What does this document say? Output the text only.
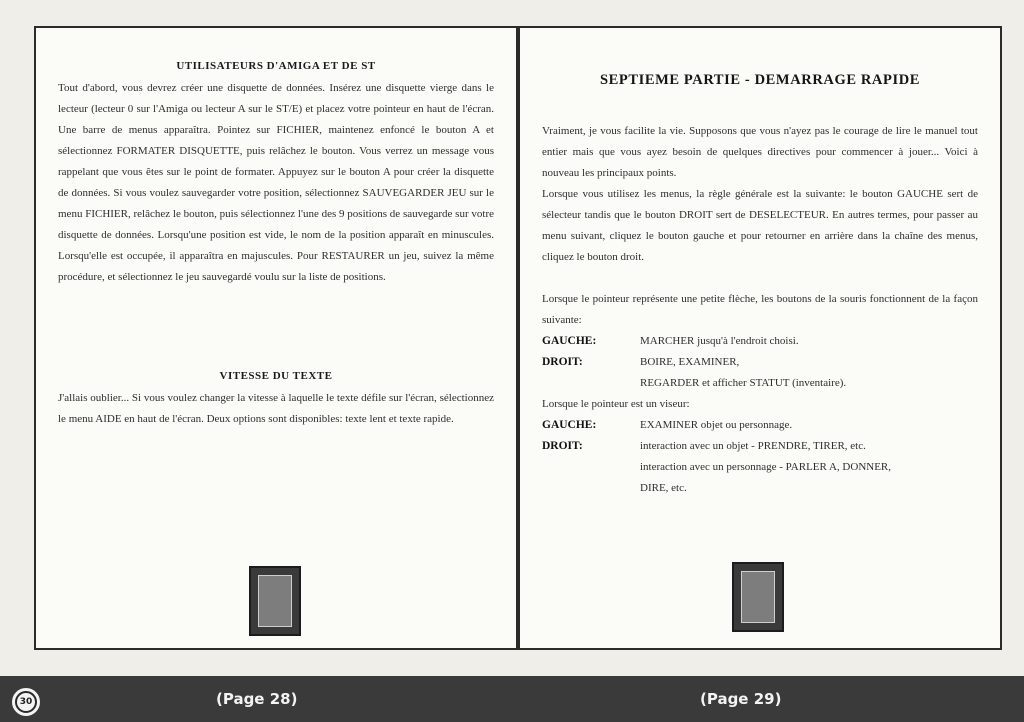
UTILISATEURS D'AMIGA ET DE ST
Tout d'abord, vous devrez créer une disquette de données. Insérez une disquette vierge dans le lecteur (lecteur 0 sur l'Amiga ou lecteur A sur le ST/E) et placez votre pointeur en haut de l'écran. Une barre de menus apparaîtra. Pointez sur FICHIER, maintenez enfoncé le bouton A et sélectionnez FORMATER DISQUETTE, puis relâchez le bouton. Vous verrez un message vous rappelant que vous êtes sur le point de formater. Appuyez sur le bouton A pour créer la disquette de données. Si vous voulez sauvegarder votre position, sélectionnez SAUVEGARDER JEU sur le menu FICHIER, relâchez le bouton, puis sélectionnez l'une des 9 positions de sauvegarde sur votre disquette de données. Lorsqu'une position est vide, le nom de la position apparaît en minuscules. Lorsqu'elle est occupée, il apparaîtra en majuscules. Pour RESTAURER un jeu, suivez la même procédure, et sélectionnez le jeu sauvegardé voulu sur la liste de positions.
VITESSE DU TEXTE
J'allais oublier... Si vous voulez changer la vitesse à laquelle le texte défile sur l'écran, sélectionnez le menu AIDE en haut de l'écran. Deux options sont disponibles: texte lent et texte rapide.
SEPTIEME PARTIE - DEMARRAGE RAPIDE
Vraiment, je vous facilite la vie. Supposons que vous n'ayez pas le courage de lire le manuel tout entier mais que vous ayez besoin de quelques directives pour commencer à jouer... Voici à nouveau les principaux points.
Lorsque vous utilisez les menus, la règle générale est la suivante: le bouton GAUCHE sert de sélecteur tandis que le bouton DROIT sert de DESELECTEUR. En autres termes, pour passer au menu suivant, cliquez le bouton gauche et pour retourner en arrière dans la chaîne des menus, cliquez le bouton droit.
Lorsque le pointeur représente une petite flèche, les boutons de la souris fonctionnent de la façon suivante:
GAUCHE:	MARCHER jusqu'à l'endroit choisi.
DROIT:	BOIRE, EXAMINER,
REGARDER et afficher STATUT (inventaire).
Lorsque le pointeur est un viseur:
GAUCHE:	EXAMINER objet ou personnage.
DROIT:	interaction avec un objet - PRENDRE, TIRER, etc.
interaction avec un personnage - PARLER A, DONNER,
DIRE, etc.
(Page 28)	(Page 29)
30
